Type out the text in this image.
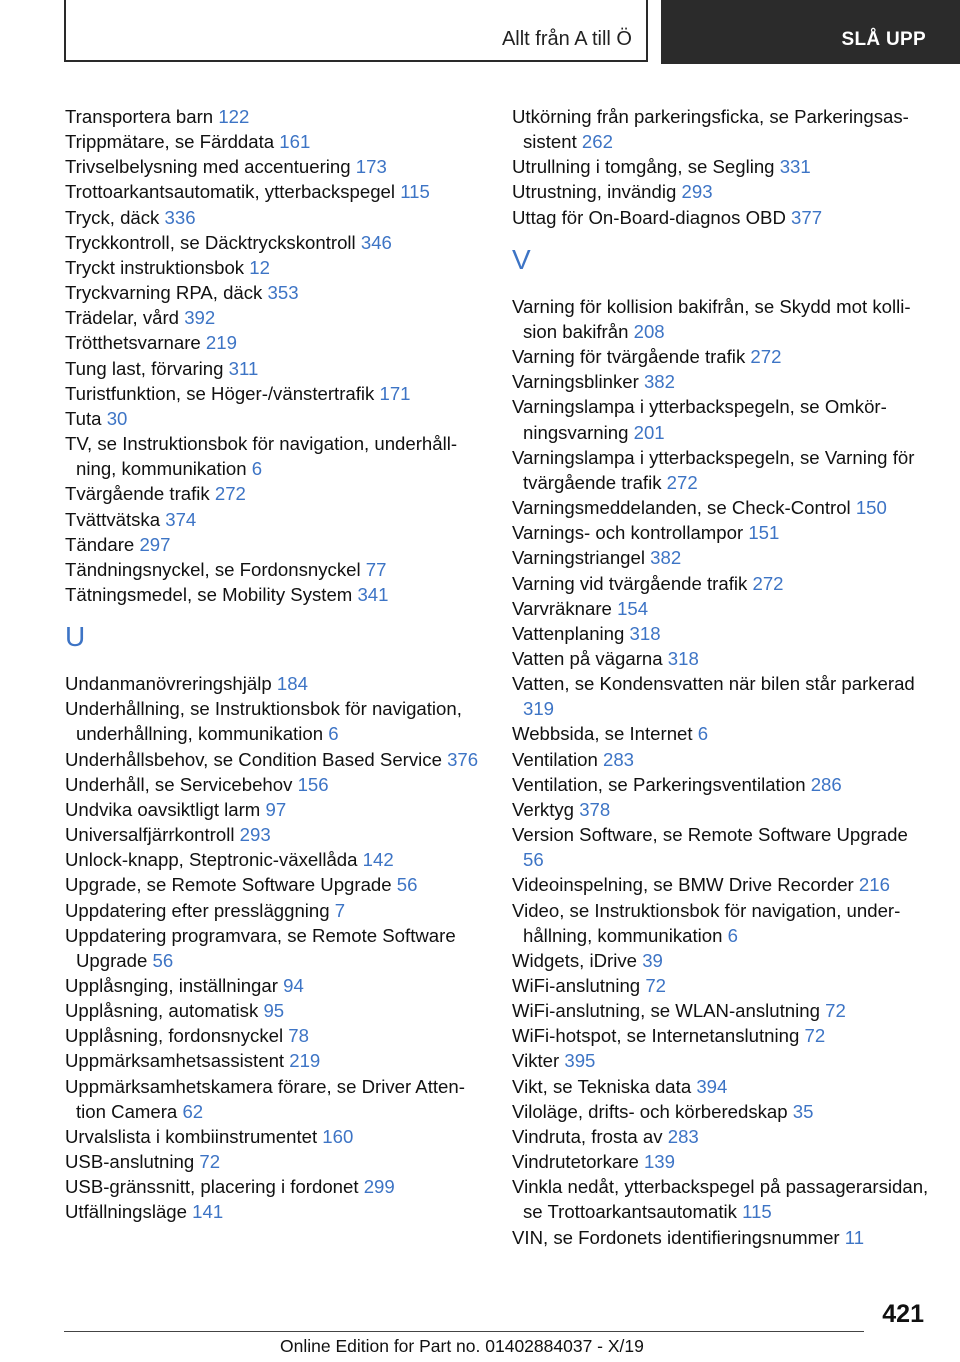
Allt från A till Ö	SLÅ UPP
Transportera barn 122
Trippmätare, se Färddata 161
Trivselbelysning med accentuering 173
Trottoarkantsautomatik, ytterbackspegel 115
Tryck, däck 336
Tryckkontroll, se Däcktryckskontroll 346
Tryckt instruktionsbok 12
Tryckvarning RPA, däck 353
Trädelar, vård 392
Trötthetsvarnare 219
Tung last, förvaring 311
Turistfunktion, se Höger-/vänstertrafik 171
Tuta 30
TV, se Instruktionsbok för navigation, underhållning, kommunikation 6
Tvärgående trafik 272
Tvättvätska 374
Tändare 297
Tändningsnyckel, se Fordonsnyckel 77
Tätningsmedel, se Mobility System 341
U
Undanmanövreringshjälp 184
Underhållning, se Instruktionsbok för navigation, underhållning, kommunikation 6
Underhållsbehov, se Condition Based Service 376
Underhåll, se Servicebehov 156
Undvika oavsiktligt larm 97
Universalfjärrkontroll 293
Unlock-knapp, Steptronic-växellåda 142
Upgrade, se Remote Software Upgrade 56
Uppdatering efter pressläggning 7
Uppdatering programvara, se Remote Software Upgrade 56
Upplåsnging, inställningar 94
Upplåsning, automatisk 95
Upplåsning, fordonsnyckel 78
Uppmärksamhetsassistent 219
Uppmärksamhetskamera förare, se Driver Attention Camera 62
Urvalslista i kombiinstrumentet 160
USB-anslutning 72
USB-gränssnitt, placering i fordonet 299
Utfällningsläge 141
Utkörning från parkeringsficka, se Parkeringsassistent 262
Utrullning i tomgång, se Segling 331
Utrustning, invändig 293
Uttag för On-Board-diagnos OBD 377
V
Varning för kollision bakifrån, se Skydd mot kollision bakifrån 208
Varning för tvärgående trafik 272
Varningsblinker 382
Varningslampa i ytterbackspegeln, se Omkörningsvarning 201
Varningslampa i ytterbackspegeln, se Varning för tvärgående trafik 272
Varningsmeddelanden, se Check-Control 150
Varnings- och kontrollampor 151
Varningstriangel 382
Varning vid tvärgående trafik 272
Varvräknare 154
Vattenplaning 318
Vatten på vägarna 318
Vatten, se Kondensvatten när bilen står parkerad 319
Webbsida, se Internet 6
Ventilation 283
Ventilation, se Parkeringsventilation 286
Verktyg 378
Version Software, se Remote Software Upgrade 56
Videoinspelning, se BMW Drive Recorder 216
Video, se Instruktionsbok för navigation, underhållning, kommunikation 6
Widgets, iDrive 39
WiFi-anslutning 72
WiFi-anslutning, se WLAN-anslutning 72
WiFi-hotspot, se Internetanslutning 72
Vikter 395
Vikt, se Tekniska data 394
Viloläge, drifts- och körberedskap 35
Vindruta, frosta av 283
Vindrutetorkare 139
Vinkla nedåt, ytterbackspegel på passagerarsidan, se Trottoarkantsautomatik 115
VIN, se Fordonets identifieringsnummer 11
421
Online Edition for Part no. 01402884037 - X/19
